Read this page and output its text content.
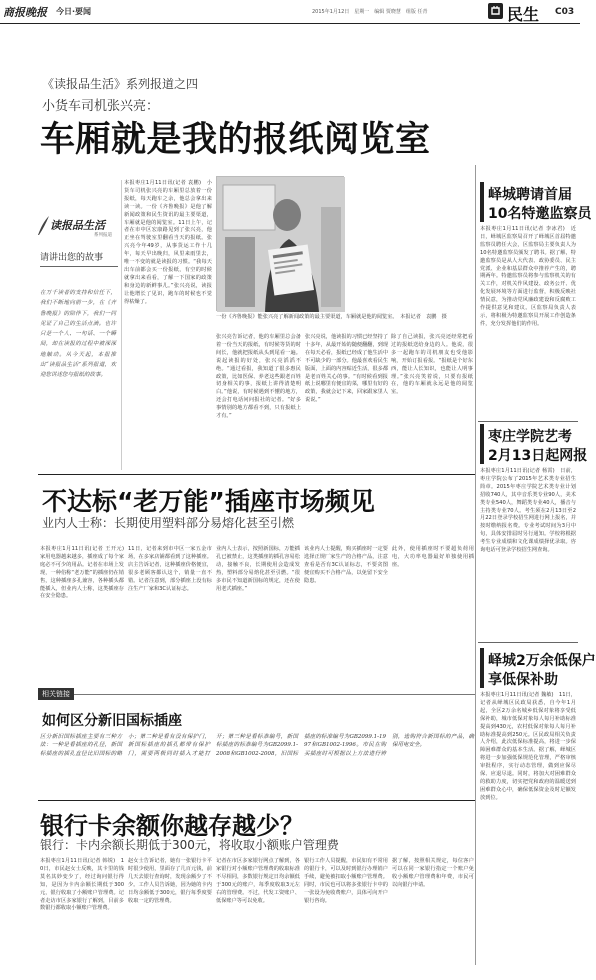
商报晚报 今日·要闻	2015年1月12日　星期一　编辑 贾晓慧　组版 任青	民生 C03
《读报品生活》系列报道之四
小货车司机张兴亮：
车厢就是我的报纸阅览室
读报品生活
系列报道
请讲出您的故事
在万千读者的支持和信任下，我们不断地向前一步，在《齐鲁晚报》的陪伴下，我们一同见证了自己的生活点滴。也许只是一个人、一句话、一个瞬间，却在读报的过程中被深深地触动。从今天起，本报推出“读报品生活”系列报道，欢迎您讲述您与报纸的故事。
本报枣庄1月11日讯(记者 袁鹏)　小货车司机张兴亮的车厢里总放着一份报纸，每天跑车之余，他总会拿出来读一读。一份《齐鲁晚报》是他了解新闻政策和民生资讯的最主要渠道，车厢就是他的阅览室。11日上午，记者在市中区宏康路见到了张兴亮，他正坐在驾驶室里翻看当天的报纸。张兴亮今年49岁，从事货运工作十几年，每天早出晚归，风里来雨里去，唯一不变的就是读报的习惯。“我每天出车前都会买一份报纸，有空的时候就拿出来看看，了解一下国家的政策和身边的新鲜事儿。”张兴亮说，读报让他增长了见识，跑车的时候也不觉得枯燥了。
一份《齐鲁晚报》能张兴亮了解新闻政策的最主要渠道，车厢就是他的阅览室。　本报记者　袁鹏　摄
张兴亮告诉记者，他的车厢里总会备着一份当天的报纸，有时候等货的时间长，他就把报纸从头到尾看一遍。说起读报的好处，张兴亮滔滔不绝。“通过看报，我知道了很多惠民政策，比如医保、养老这些跟老百姓切身相关的事，报纸上讲得清楚明白。”他说，有时候遇到不懂的地方，还会打电话问问报社的记者。“好多事情别的地方都看不到，只有报纸上才有。”
张兴亮说，他读报的习惯已经坚持了十多年，从最开始的随便翻翻，到现在每天必看，报纸已经成了他生活中不可缺少的一部分。他最喜欢看民生版面，上面的内容贴近生活，很多都是老百姓关心的事。“有时候看到报纸上说哪里有便宜的菜，哪里有好的政策，我就会记下来，回家跟家里人说说。”
除了自己读报，张兴亮还经常把看过的报纸送给身边的人。他说，很多一起跑车的司机朋友也受他影响，开始订报看报。“报纸是个好东西，能让人长知识，也能让人明事理。”张兴亮笑着说，只要有报纸在，他的车厢就永远是他的阅览室。
峄城聘请首届
10名特邀监察员
本报枣庄1月11日讯(记者 李冰君)　近日，峄城区监察局召开了峄城区首届特邀监察员聘任大会，区监察局主要负责人为10名特邀监察员颁发了聘书。据了解，特邀监察员是从人大代表、政协委员、民主党派、企业和基层群众中推荐产生的，聘期两年。特邀监察员将参与监察机关的有关工作，对机关作风建设、政务公开、优化发展环境等方面进行监督，积极反映社情民意，为推动党风廉政建设和反腐败工作提供意见和建议。区监察局负责人表示，将积极为特邀监察员开展工作创造条件，充分发挥他们的作用。
枣庄学院艺考
2月13日起网报
本报枣庄1月11日讯(记者 杨霄)　日前，枣庄学院公布了2015年艺术类专业招生简章。2015年枣庄学院艺术类专业计划招收740人，其中音乐类专业90人，美术类专业540人，舞蹈类专业40人，播音与主持类专业70人。考生须在2月13日至2月22日登录学校招生网进行网上报名，并按时缴纳报名费。专业考试时间为3月中旬，具体安排届时另行通知。学校将根据考生专业成绩和文化课成绩择优录取。咨询电话可登录学校招生网查询。
峄城2万余低保户
享低保补助
本报枣庄1月11日讯(记者 魏敏)　11日，记者从峄城区民政局获悉，自今年1月起，全区2万余名城乡低保对象将享受低保补助，城市低保对象每人每月补助标准提高到430元，农村低保对象每人每月补助标准提高到250元。区民政局相关负责人介绍，此次低保标准提高，将进一步保障困难群众的基本生活。据了解，峄城区将进一步加强低保规范化管理，严格审核审批程序，实行动态管理，做到应保尽保、应退尽退。同时，将加大对困难群众的救助力度，切实把党和政府的温暖送到困难群众心中，确保低保资金及时足额发放到位。
不达标“老万能”插座市场频见
业内人士称：长期使用塑料部分易熔化甚至引燃
本报枣庄1月11日讯(记者 王开元)　家用电器越来越多，插座成了每个家庭必不可少的用品。记者在市场上发现，一种俗称“老万能”的插座仍在销售，这种插座多孔兼容，各种插头都能插入，但业内人士称，这类插座存在安全隐患。
11日，记者来到市中区一家五金市场，在多家店铺都看到了这种插座。店主告诉记者，这种插座价格便宜，很多老顾客都认这个，销量一直不错。记者注意到，部分插座上没有标注生产厂家和3C认证标志。
业内人士表示，按照新国标，万能插孔已被禁止，这类插座的插孔容易松动，接触不良，长期使用会造成发热，塑料部分易熔化甚至引燃。“很多市民不知道新国标的规定，还在使用老式插座。”
该业内人士提醒，购买插座时一定要选择正规厂家生产的合格产品，注意查看是否有3C认证标志，不要贪图便宜购买不合格产品，以免留下安全隐患。
此外，使用插座时不要超负荷用电，大功率电器最好单独使用插座。
相关链接
如何区分新旧国标插座
区分新旧国标插座主要有三种方法：一种是看插座的孔径，新国标插座的插孔直径比旧国标的略小；第二种是看有没有保护门，新国标插座的插孔都带有保护门，需要两极同时插入才能打开；第三种是看标准编号，新国标插座的标准编号为GB2099.1-2008和GB1002-2008，旧国标插座的标准编号为GB2099.1-1997和GB1002-1996。市民在购买插座时可根据以上方法进行辨别，选购符合新国标的产品，确保用电安全。
银行卡余额你越存越少？
银行：卡内余额长期低于300元，将收取小额账户管理费
本报枣庄1月11日讯(记者 韩锐)　10日，市民赵女士反映，其卡里的钱莫名其妙变少了，经过询问银行得知，是因为卡内余额长期低于300元，银行收取了小额账户管理费。记者走访市区多家银行了解到，目前多数银行都收取小额账户管理费。
赵女士告诉记者，她有一张银行卡平时很少使用，里面存了几百元钱，前几天去银行查询时，发现余额少了不少。工作人员告诉她，因为她的卡内日均余额低于300元，银行每季度要收取一定的管理费。
记者在市区多家银行网点了解到，各家银行对小额账户管理费的收取标准不尽相同，多数银行规定日均余额低于300元的账户，每季度收取3元左右的管理费。不过，代发工资账户、低保账户等可以免收。
银行工作人员提醒，市民如有不常用的银行卡，可以及时到银行办理销户手续，避免被扣取小额账户管理费。同时，市民也可以将多张银行卡中的一张设为免收费账户，具体可向开户银行咨询。
据了解，按照相关规定，每位客户可以在同一家银行指定一个账户免收小额账户管理费和年费，市民可以向银行申请。
